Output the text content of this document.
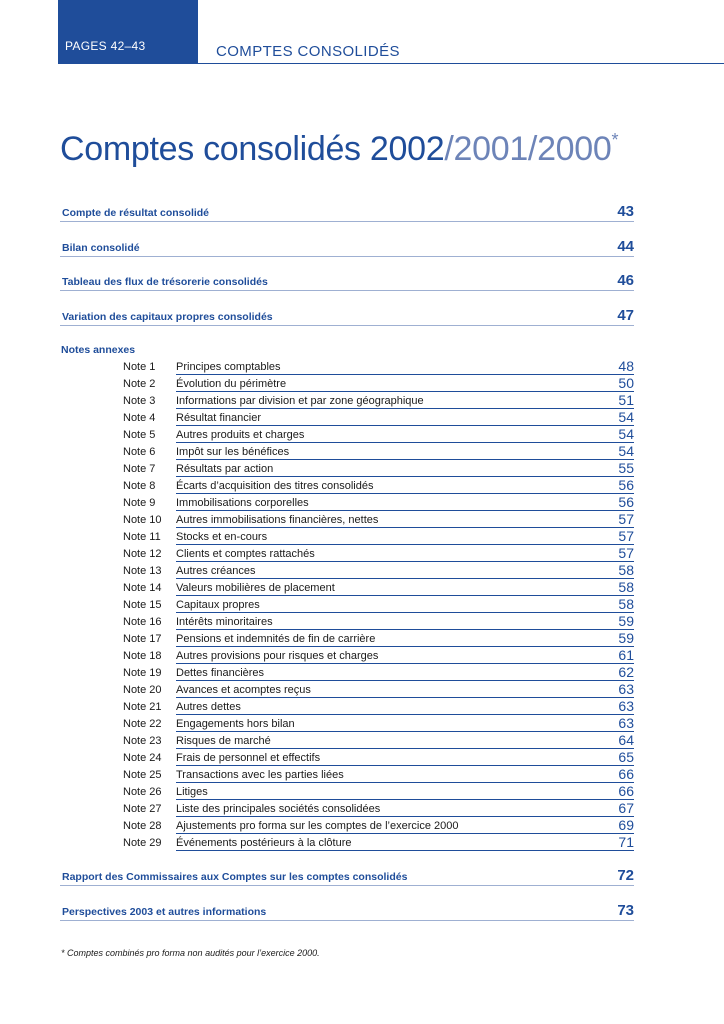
PAGES 42–43	COMPTES CONSOLIDÉS
Comptes consolidés 2002/2001/2000*
Compte de résultat consolidé	43
Bilan consolidé	44
Tableau des flux de trésorerie consolidés	46
Variation des capitaux propres consolidés	47
Notes annexes
Note 1 Principes comptables	48
Note 2 Évolution du périmètre	50
Note 3 Informations par division et par zone géographique	51
Note 4 Résultat financier	54
Note 5 Autres produits et charges	54
Note 6 Impôt sur les bénéfices	54
Note 7 Résultats par action	55
Note 8 Écarts d’acquisition des titres consolidés	56
Note 9 Immobilisations corporelles	56
Note 10 Autres immobilisations financières, nettes	57
Note 11 Stocks et en-cours	57
Note 12 Clients et comptes rattachés	57
Note 13 Autres créances	58
Note 14 Valeurs mobilières de placement	58
Note 15 Capitaux propres	58
Note 16 Intérêts minoritaires	59
Note 17 Pensions et indemnités de fin de carrière	59
Note 18 Autres provisions pour risques et charges	61
Note 19 Dettes financières	62
Note 20 Avances et acomptes reçus	63
Note 21 Autres dettes	63
Note 22 Engagements hors bilan	63
Note 23 Risques de marché	64
Note 24 Frais de personnel et effectifs	65
Note 25 Transactions avec les parties liées	66
Note 26 Litiges	66
Note 27 Liste des principales sociétés consolidées	67
Note 28 Ajustements pro forma sur les comptes de l’exercice 2000	69
Note 29 Événements postérieurs à la clôture	71
Rapport des Commissaires aux Comptes sur les comptes consolidés	72
Perspectives 2003 et autres informations	73
* Comptes combinés pro forma non audités pour l’exercice 2000.
